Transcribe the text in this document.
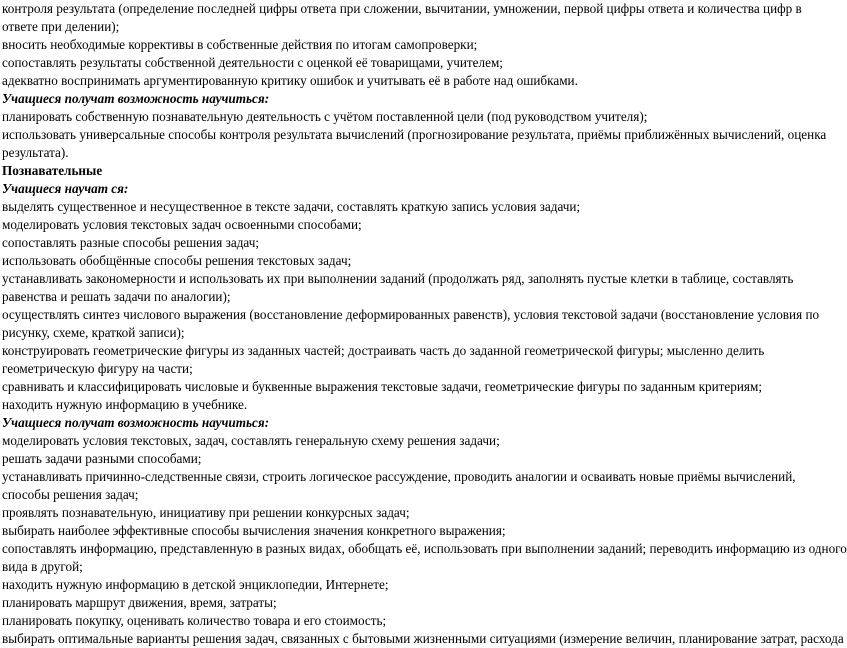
контроля результата (определение последней цифры ответа при сложении, вычитании, умножении, первой цифры ответа и количества цифр в
ответе при делении);
вносить необходимые коррективы в собственные действия по итогам самопроверки;
сопоставлять результаты собственной деятельности с оценкой её товарищами, учителем;
адекватно воспринимать аргументированную критику ошибок и учитывать её в работе над ошибками.
Учащиеся получат возможность научиться:
планировать собственную познавательную деятельность с учётом поставленной цели (под руководством учителя);
использовать универсальные способы контроля результата вычислений (прогнозирование результата, приёмы приближённых вычислений, оценка
результата).
Познавательные
Учащиеся научат ся:
выделять существенное и несущественное в тексте задачи, составлять краткую запись условия задачи;
моделировать условия текстовых задач освоенными способами;
сопоставлять разные способы решения задач;
использовать обобщённые способы решения текстовых задач;
устанавливать закономерности и использовать их при выполнении заданий (продолжать ряд, заполнять пустые клетки в таблице, составлять
равенства и решать задачи по аналогии);
осуществлять синтез числового выражения (восстановление деформированных равенств), условия текстовой задачи (восстановление условия по
рисунку, схеме, краткой записи);
конструировать геометрические фигуры из заданных частей; достраивать часть до заданной геометрической фигуры; мысленно делить
геометрическую фигуру на части;
сравнивать и классифицировать числовые и буквенные выражения текстовые задачи, геометрические фигуры по заданным критериям;
находить нужную информацию в учебнике.
Учащиеся получат возможность научиться:
моделировать условия текстовых, задач, составлять генеральную схему решения задачи;
решать задачи разными способами;
устанавливать причинно-следственные связи, строить логическое рассуждение, проводить аналогии и осваивать новые приёмы вычислений,
способы решения задач;
проявлять познавательную, инициативу при решении конкурсных задач;
выбирать наиболее эффективные способы вычисления значения конкретного выражения;
сопоставлять информацию, представленную в разных видах, обобщать её, использовать при выполнении заданий; переводить информацию из одного
вида в другой;
находить нужную информацию в детской энциклопедии, Интернете;
планировать маршрут движения, время, затраты;
планировать покупку, оценивать количество товара и его стоимость;
выбирать оптимальные варианты решения задач, связанных с бытовыми жизненными ситуациями (измерение величин, планирование затрат, расхода
